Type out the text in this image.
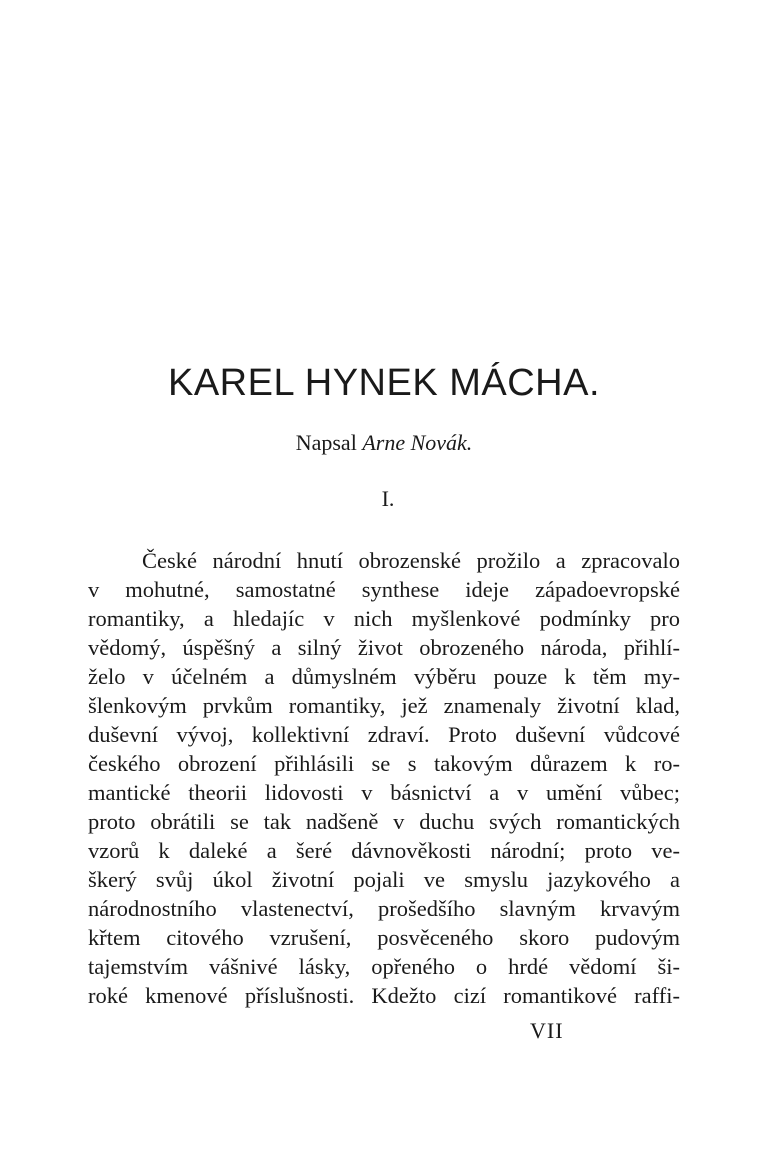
KAREL HYNEK MÁCHA.
Napsal Arne Novák.
I.
České národní hnutí obrozenské prožilo a zpracovalo
v mohutné, samostatné synthese ideje západoevropské
romantiky, a hledajíc v nich myšlenkové podmínky pro
vědomý, úspěšný a silný život obrozeného národa, přihlí-
želo v účelném a důmyslném výběru pouze k těm my-
šlenkovým prvkům romantiky, jež znamenaly životní klad,
duševní vývoj, kollektivní zdraví. Proto duševní vůdcové
českého obrození přihlásili se s takovým důrazem k ro-
mantické theorii lidovosti v básnictví a v umění vůbec;
proto obrátili se tak nadšeně v duchu svých romantických
vzorů k daleké a šeré dávnověkosti národní; proto ve-
škerý svůj úkol životní pojali ve smyslu jazykového a
národnostního vlastenectví, prošedšího slavným krvavým
křtem citového vzrušení, posvěceného skoro pudovým
tajemstvím vášnivé lásky, opřeného o hrdé vědomí ši-
roké kmenové příslušnosti. Kdežto cizí romantikové raffi-
VII
